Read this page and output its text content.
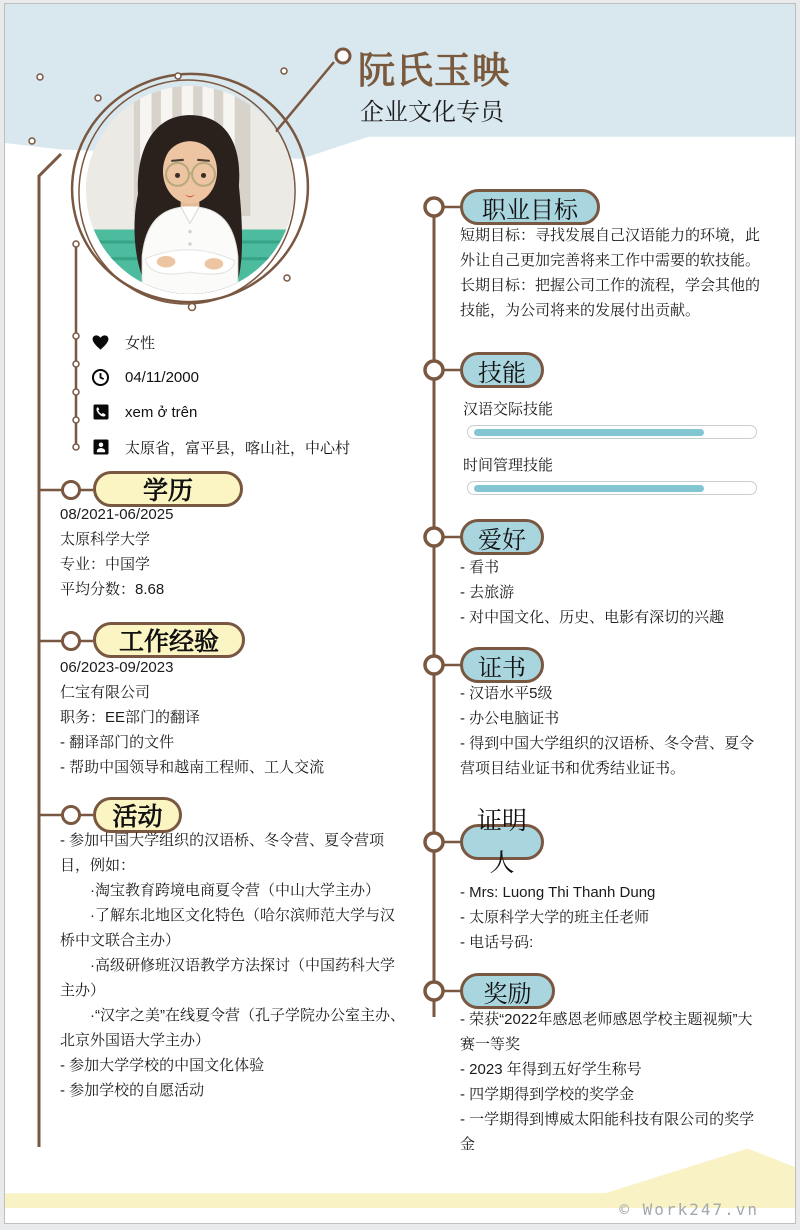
阮氏玉映
企业文化专员
女性
04/11/2000
xem ở trên
太原省，富平县，喀山社，中心村
学历
08/2021-06/2025
太原科学大学
专业：中国学
平均分数：8.68
工作经验
06/2023-09/2023
仁宝有限公司
职务：EE部门的翻译
- 翻译部门的文件
- 帮助中国领导和越南工程师、工人交流
活动
- 参加中国大学组织的汉语桥、冬令营、夏令营项目，例如：
　　·淘宝教育跨境电商夏令营（中山大学主办）
　　·了解东北地区文化特色（哈尔滨师范大学与汉桥中文联合主办）
　　·高级研修班汉语教学方法探讨（中国药科大学主办）
　　·“汉字之美”在线夏令营（孔子学院办公室主办、北京外国语大学主办）
- 参加大学学校的中国文化体验
- 参加学校的自愿活动
职业目标
短期目标：寻找发展自己汉语能力的环境，此外让自己更加完善将来工作中需要的软技能。
长期目标：把握公司工作的流程，学会其他的技能，为公司将来的发展付出贡献。
技能
汉语交际技能
时间管理技能
爱好
- 看书
- 去旅游
- 对中国文化、历史、电影有深切的兴趣
证书
- 汉语水平5级
- 办公电脑证书
- 得到中国大学组织的汉语桥、冬令营、夏令营项目结业证书和优秀结业证书。
证明人
- Mrs: Luong Thi Thanh Dung
- 太原科学大学的班主任老师
- 电话号码:
奖励
- 荣获“2022年感恩老师感恩学校主题视频”大赛一等奖
- 2023 年得到五好学生称号
- 四学期得到学校的奖学金
- 一学期得到博威太阳能科技有限公司的奖学金
© Work247.vn
